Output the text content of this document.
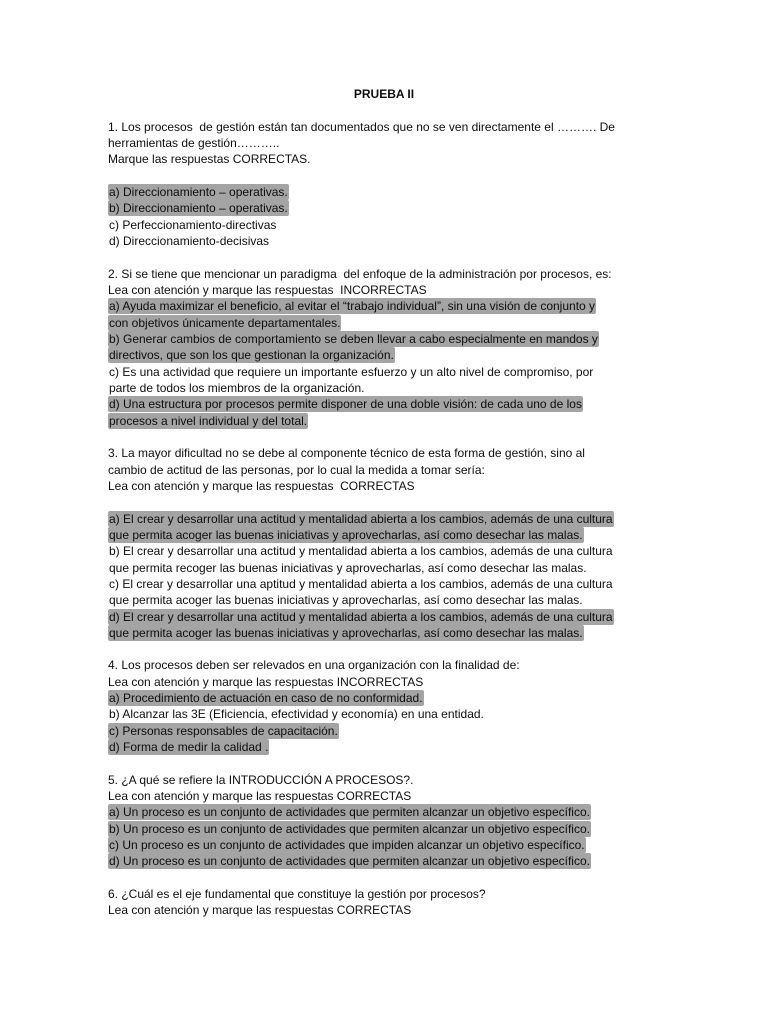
PRUEBA II
1. Los procesos  de gestión están tan documentados que no se ven directamente el ………. De
herramientas de gestión………..
Marque las respuestas CORRECTAS.
a) Direccionamiento – operativas.
b) Direccionamiento – operativas.
c) Perfeccionamiento-directivas
d) Direccionamiento-decisivas
2. Si se tiene que mencionar un paradigma  del enfoque de la administración por procesos, es:
Lea con atención y marque las respuestas  INCORRECTAS
a) Ayuda maximizar el beneficio, al evitar el “trabajo individual”, sin una visión de conjunto y
con objetivos únicamente departamentales.
b) Generar cambios de comportamiento se deben llevar a cabo especialmente en mandos y
directivos, que son los que gestionan la organización.
c) Es una actividad que requiere un importante esfuerzo y un alto nivel de compromiso, por
parte de todos los miembros de la organización.
d) Una estructura por procesos permite disponer de una doble visión: de cada uno de los
procesos a nivel individual y del total.
3. La mayor dificultad no se debe al componente técnico de esta forma de gestión, sino al
cambio de actitud de las personas, por lo cual la medida a tomar sería:
Lea con atención y marque las respuestas  CORRECTAS
a) El crear y desarrollar una actitud y mentalidad abierta a los cambios, además de una cultura
que permita acoger las buenas iniciativas y aprovecharlas, así como desechar las malas.
b) El crear y desarrollar una actitud y mentalidad abierta a los cambios, además de una cultura
que permita recoger las buenas iniciativas y aprovecharlas, así como desechar las malas.
c) El crear y desarrollar una aptitud y mentalidad abierta a los cambios, además de una cultura
que permita acoger las buenas iniciativas y aprovecharlas, así como desechar las malas.
d) El crear y desarrollar una actitud y mentalidad abierta a los cambios, además de una cultura
que permita acoger las buenas iniciativas y aprovecharlas, así como desechar las malas.
4. Los procesos deben ser relevados en una organización con la finalidad de:
Lea con atención y marque las respuestas INCORRECTAS
a) Procedimiento de actuación en caso de no conformidad.
b) Alcanzar las 3E (Eficiencia, efectividad y economía) en una entidad.
c) Personas responsables de capacitación.
d) Forma de medir la calidad .
5. ¿A qué se refiere la INTRODUCCIÓN A PROCESOS?.
Lea con atención y marque las respuestas CORRECTAS
a) Un proceso es un conjunto de actividades que permiten alcanzar un objetivo específico.
b) Un proceso es un conjunto de actividades que permiten alcanzar un objetivo específico.
c) Un proceso es un conjunto de actividades que impiden alcanzar un objetivo específico.
d) Un proceso es un conjunto de actividades que permiten alcanzar un objetivo específico.
6. ¿Cuál es el eje fundamental que constituye la gestión por procesos?
Lea con atención y marque las respuestas CORRECTAS
